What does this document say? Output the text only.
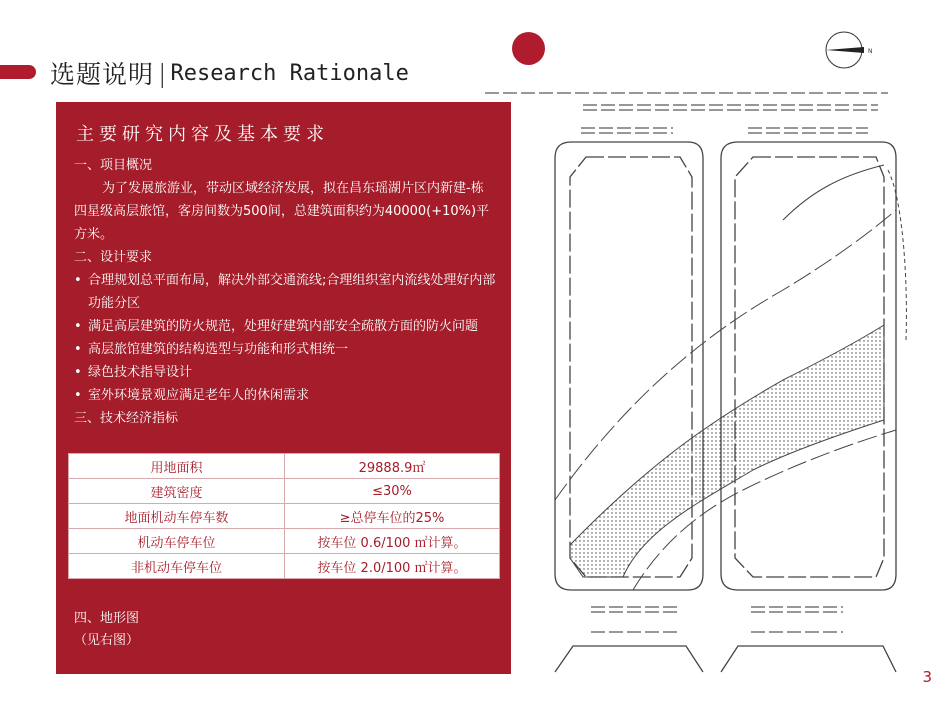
选题说明 | Research Rationale
N
主要研究内容及基本要求

一、项目概况

为了发展旅游业，带动区域经济发展，拟在昌东瑶湖片区内新建-栋四星级高层旅馆，客房间数为500间，总建筑面积约为40000(+10%)平方米。

二、设计要求

• 合理规划总平面布局，解决外部交通流线;合理组织室内流线处理好内部功能分区

• 满足高层建筑的防火规范，处理好建筑内部安全疏散方面的防火问题

• 高层旅馆建筑的结构选型与功能和形式相统一

• 绿色技术指导设计

• 室外环境景观应满足老年人的休闲需求

三、技术经济指标

用地面积	29888.9㎡
建筑密度	≤30%
地面机动车停车数	≥总停车位的25%
机动车停车位	按车位 0.6/100 ㎡计算。
非机动车停车位	按车位 2.0/100 ㎡计算。
四、地形图
（见右图）
3
